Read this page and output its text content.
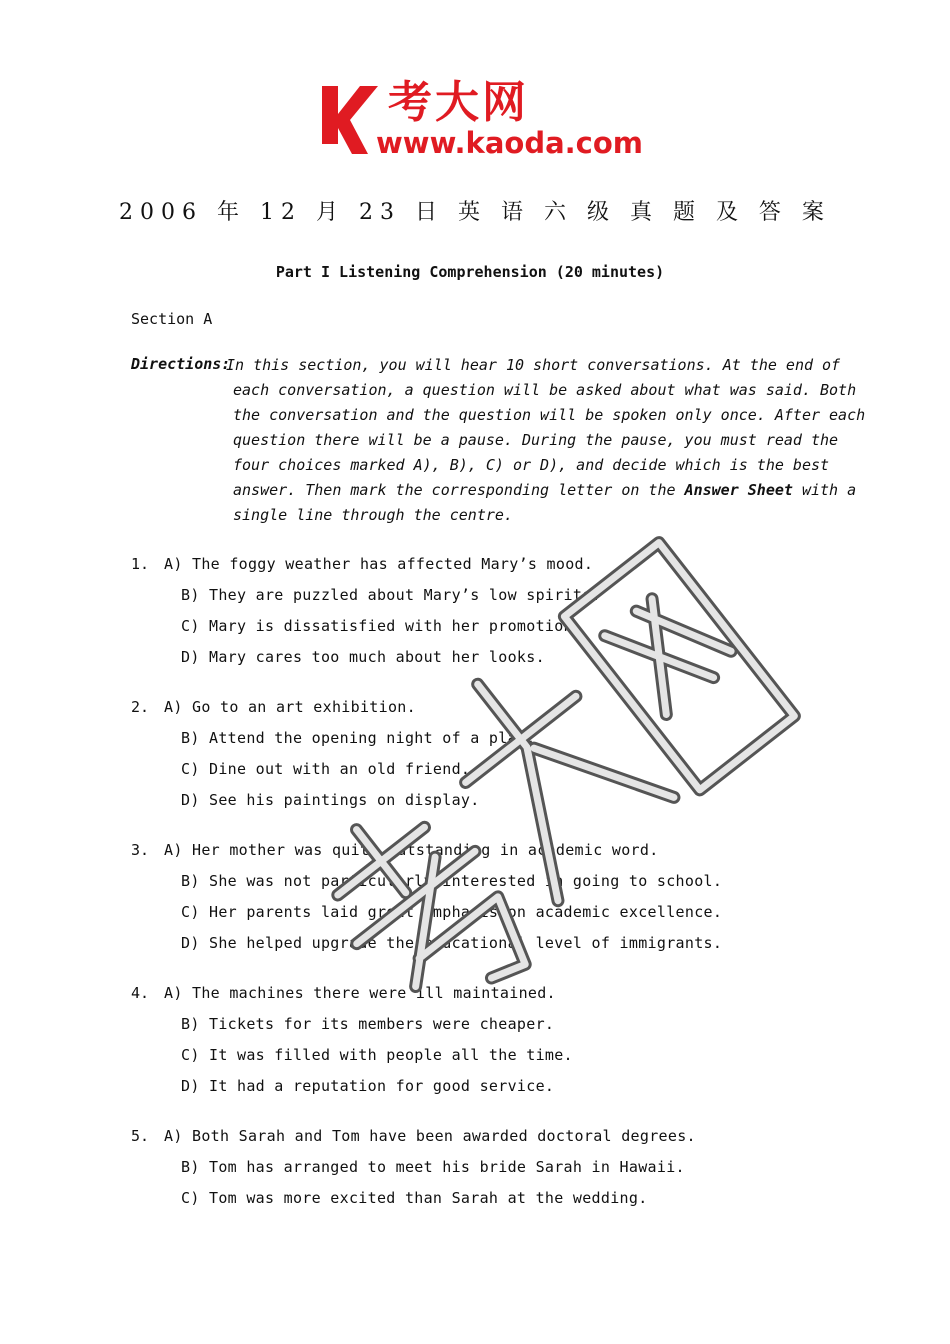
考大网
www.kaoda.com
2006 年 12 月 23 日 英 语 六 级 真 题 及 答 案
Part I Listening Comprehension (20 minutes)
Section A
Directions:
In this section, you will hear 10 short conversations. At the end of
each conversation, a question will be asked about what was said. Both
the conversation and the question will be spoken only once. After each
question there will be a pause. During the pause, you must read the
four choices marked A), B), C) or D), and decide which is the best
answer. Then mark the corresponding letter on the Answer Sheet with a
single line through the centre.
1. A) The foggy weather has affected Mary’s mood.
B) They are puzzled about Mary’s low spirits.
C) Mary is dissatisfied with her promotion.
D) Mary cares too much about her looks.
2. A) Go to an art exhibition.
B) Attend the opening night of a play.
C) Dine out with an old friend.
D) See his paintings on display.
3. A) Her mother was quite outstanding in academic word.
B) She was not particularly interested in going to school.
C) Her parents laid great emphasis on academic excellence.
D) She helped upgrade the educational level of immigrants.
4. A) The machines there were ill maintained.
B) Tickets for its members were cheaper.
C) It was filled with people all the time.
D) It had a reputation for good service.
5. A) Both Sarah and Tom have been awarded doctoral degrees.
B) Tom has arranged to meet his bride Sarah in Hawaii.
C) Tom was more excited than Sarah at the wedding.
